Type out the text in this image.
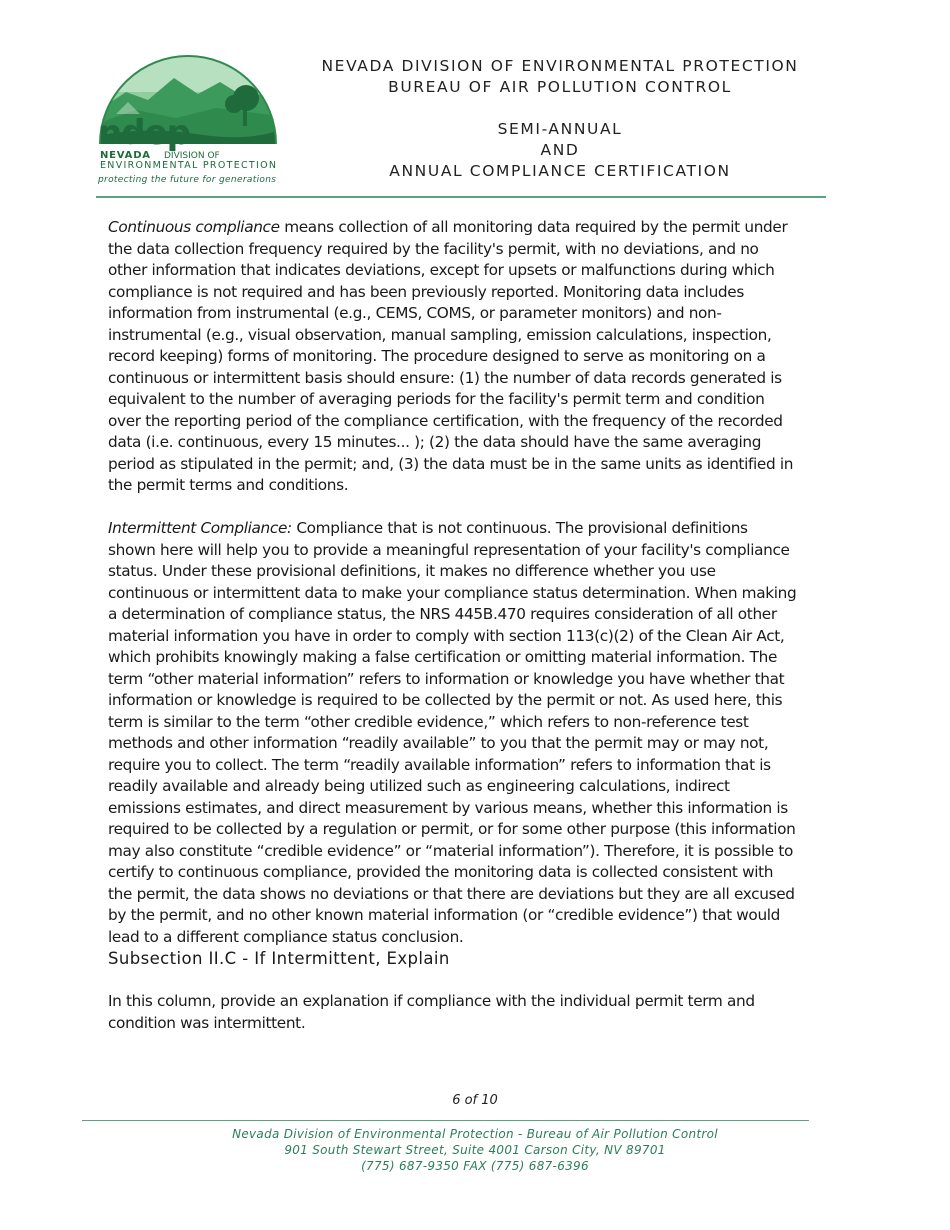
ndep
NEVADA DIVISION OF
ENVIRONMENTAL PROTECTION
protecting the future for generations
NEVADA DIVISION OF ENVIRONMENTAL PROTECTION
BUREAU OF AIR POLLUTION CONTROL
SEMI-ANNUAL
AND
ANNUAL COMPLIANCE CERTIFICATION

Continuous compliance means collection of all monitoring data required by the permit under the data collection frequency required by the facility's permit, with no deviations, and no other information that indicates deviations, except for upsets or malfunctions during which compliance is not required and has been previously reported. Monitoring data includes information from instrumental (e.g., CEMS, COMS, or parameter monitors) and non-instrumental (e.g., visual observation, manual sampling, emission calculations, inspection, record keeping) forms of monitoring. The procedure designed to serve as monitoring on a continuous or intermittent basis should ensure: (1) the number of data records generated is equivalent to the number of averaging periods for the facility's permit term and condition over the reporting period of the compliance certification, with the frequency of the recorded data (i.e. continuous, every 15 minutes... ); (2) the data should have the same averaging period as stipulated in the permit; and, (3) the data must be in the same units as identified in the permit terms and conditions.

Intermittent Compliance: Compliance that is not continuous. The provisional definitions shown here will help you to provide a meaningful representation of your facility's compliance status. Under these provisional definitions, it makes no difference whether you use continuous or intermittent data to make your compliance status determination. When making a determination of compliance status, the NRS 445B.470 requires consideration of all other material information you have in order to comply with section 113(c)(2) of the Clean Air Act, which prohibits knowingly making a false certification or omitting material information. The term “other material information” refers to information or knowledge you have whether that information or knowledge is required to be collected by the permit or not. As used here, this term is similar to the term “other credible evidence,” which refers to non-reference test methods and other information “readily available” to you that the permit may or may not, require you to collect. The term “readily available information” refers to information that is readily available and already being utilized such as engineering calculations, indirect emissions estimates, and direct measurement by various means, whether this information is required to be collected by a regulation or permit, or for some other purpose (this information may also constitute “credible evidence” or “material information”). Therefore, it is possible to certify to continuous compliance, provided the monitoring data is collected consistent with the permit, the data shows no deviations or that there are deviations but they are all excused by the permit, and no other known material information (or “credible evidence”) that would lead to a different compliance status conclusion.

Subsection II.C - If Intermittent, Explain

In this column, provide an explanation if compliance with the individual permit term and condition was intermittent.

6 of 10
Nevada Division of Environmental Protection - Bureau of Air Pollution Control
901 South Stewart Street, Suite 4001 Carson City, NV 89701
(775) 687-9350 FAX (775) 687-6396
